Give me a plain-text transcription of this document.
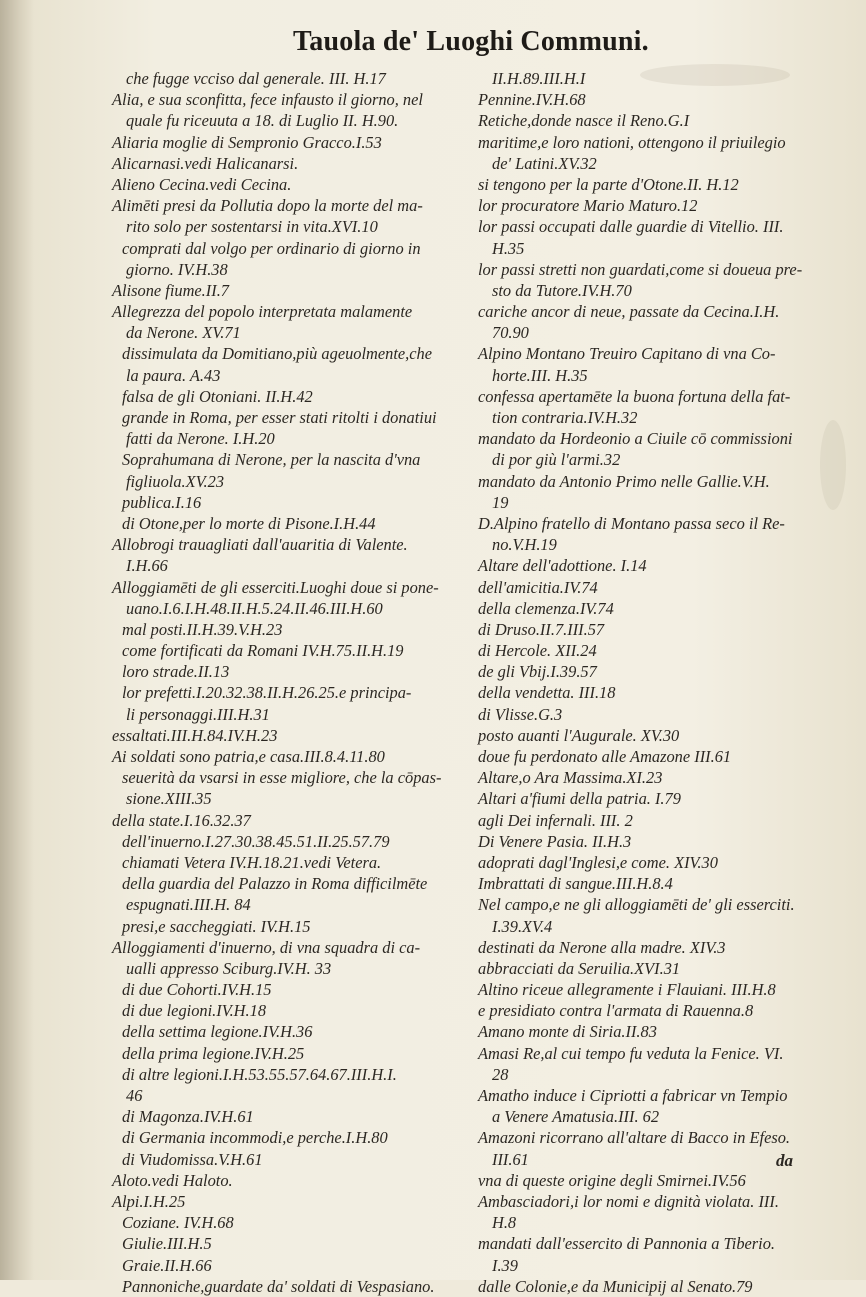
Tauola de' Luoghi Communi.
che fugge vcciso dal generale. III. H.17
Alia, e sua sconfitta, fece infausto il giorno, nel
quale fu riceuuta a 18. di Luglio II. H.90.
Aliaria moglie di Sempronio Gracco.I.53
Alicarnasi.vedi Halicanarsi.
Alieno Cecina.vedi Cecina.
Alimēti presi da Pollutia dopo la morte del ma-
rito solo per sostentarsi in vita.XVI.10
comprati dal volgo per ordinario di giorno in
giorno. IV.H.38
Alisone fiume.II.7
Allegrezza del popolo interpretata malamente
da Nerone. XV.71
dissimulata da Domitiano,più ageuolmente,che
la paura. A.43
falsa de gli Otoniani. II.H.42
grande in Roma, per esser stati ritolti i donatiui
fatti da Nerone. I.H.20
Soprahumana di Nerone, per la nascita d'vna
figliuola.XV.23
publica.I.16
di Otone,per lo morte di Pisone.I.H.44
Allobrogi trauagliati dall'auaritia di Valente.
I.H.66
Alloggiamēti de gli esserciti.Luoghi doue si pone-
uano.I.6.I.H.48.II.H.5.24.II.46.III.H.60
mal posti.II.H.39.V.H.23
come fortificati da Romani IV.H.75.II.H.19
loro strade.II.13
lor prefetti.I.20.32.38.II.H.26.25.e principa-
li personaggi.III.H.31
essaltati.III.H.84.IV.H.23
Ai soldati sono patria,e casa.III.8.4.11.80
seuerità da vsarsi in esse migliore, che la cōpas-
sione.XIII.35
della state.I.16.32.37
dell'inuerno.I.27.30.38.45.51.II.25.57.79
chiamati Vetera IV.H.18.21.vedi Vetera.
della guardia del Palazzo in Roma difficilmēte
espugnati.III.H. 84
presi,e saccheggiati. IV.H.15
Alloggiamenti d'inuerno, di vna squadra di ca-
ualli appresso Sciburg.IV.H. 33
di due Cohorti.IV.H.15
di due legioni.IV.H.18
della settima legione.IV.H.36
della prima legione.IV.H.25
di altre legioni.I.H.53.55.57.64.67.III.H.I.
46
di Magonza.IV.H.61
di Germania incommodi,e perche.I.H.80
di Viudomissa.V.H.61
Aloto.vedi Haloto.
Alpi.I.H.25
Coziane. IV.H.68
Giulie.III.H.5
Graie.II.H.66
Pannoniche,guardate da' soldati di Vespasiano.
II.H.89.III.H.I
Pennine.IV.H.68
Retiche,donde nasce il Reno.G.I
maritime,e loro nationi, ottengono il priuilegio
de' Latini.XV.32
si tengono per la parte d'Otone.II. H.12
lor procuratore Mario Maturo.12
lor passi occupati dalle guardie di Vitellio. III.
H.35
lor passi stretti non guardati,come si doueua pre-
sto da Tutore.IV.H.70
cariche ancor di neue, passate da Cecina.I.H.
70.90
Alpino Montano Treuiro Capitano di vna Co-
horte.III. H.35
confessa apertamēte la buona fortuna della fat-
tion contraria.IV.H.32
mandato da Hordeonio a Ciuile cō commissioni
di por giù l'armi.32
mandato da Antonio Primo nelle Gallie.V.H.
19
D.Alpino fratello di Montano passa seco il Re-
no.V.H.19
Altare dell'adottione. I.14
dell'amicitia.IV.74
della clemenza.IV.74
di Druso.II.7.III.57
di Hercole. XII.24
de gli Vbij.I.39.57
della vendetta. III.18
di Vlisse.G.3
posto auanti l'Augurale. XV.30
doue fu perdonato alle Amazone III.61
Altare,o Ara Massima.XI.23
Altari a'fiumi della patria. I.79
agli Dei infernali. III. 2
Di Venere Pasia. II.H.3
adoprati dagl'Inglesi,e come. XIV.30
Imbrattati di sangue.III.H.8.4
Nel campo,e ne gli alloggiamēti de' gli esserciti.
I.39.XV.4
destinati da Nerone alla madre. XIV.3
abbracciati da Seruilia.XVI.31
Altino riceue allegramente i Flauiani. III.H.8
e presidiato contra l'armata di Rauenna.8
Amano monte di Siria.II.83
Amasi Re,al cui tempo fu veduta la Fenice. VI.
28
Amatho induce i Cipriotti a fabricar vn Tempio
a Venere Amatusia.III. 62
Amazoni ricorrano all'altare di Bacco in Efeso.
III.61
vna di queste origine degli Smirnei.IV.56
Ambasciadori,i lor nomi e dignità violata. III.
H.8
mandati dall'essercito di Pannonia a Tiberio.
I.39
dalle Colonie,e da Municipij al Senato.79
da
